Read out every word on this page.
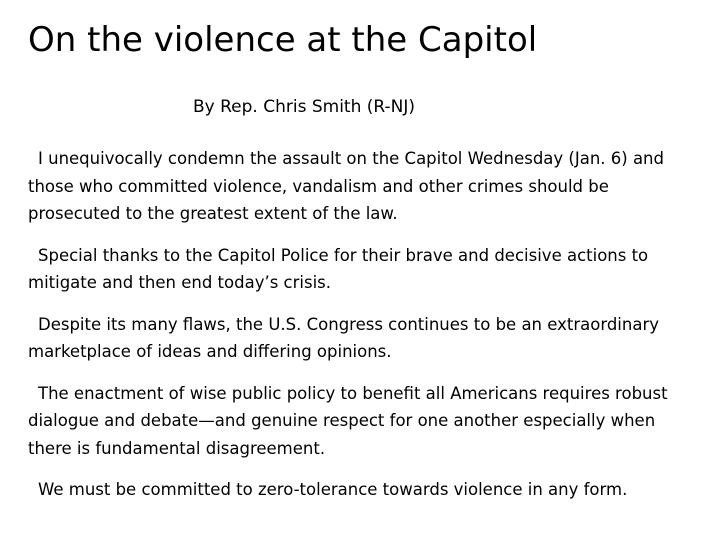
On the violence at the Capitol

By Rep. Chris Smith (R-NJ)

I unequivocally condemn the assault on the Capitol Wednesday (Jan. 6) and those who committed violence, vandalism and other crimes should be prosecuted to the greatest extent of the law.

Special thanks to the Capitol Police for their brave and decisive actions to mitigate and then end today’s crisis.

Despite its many flaws, the U.S. Congress continues to be an extraordinary marketplace of ideas and differing opinions.

The enactment of wise public policy to benefit all Americans requires robust dialogue and debate—and genuine respect for one another especially when there is fundamental disagreement.

We must be committed to zero-tolerance towards violence in any form.
